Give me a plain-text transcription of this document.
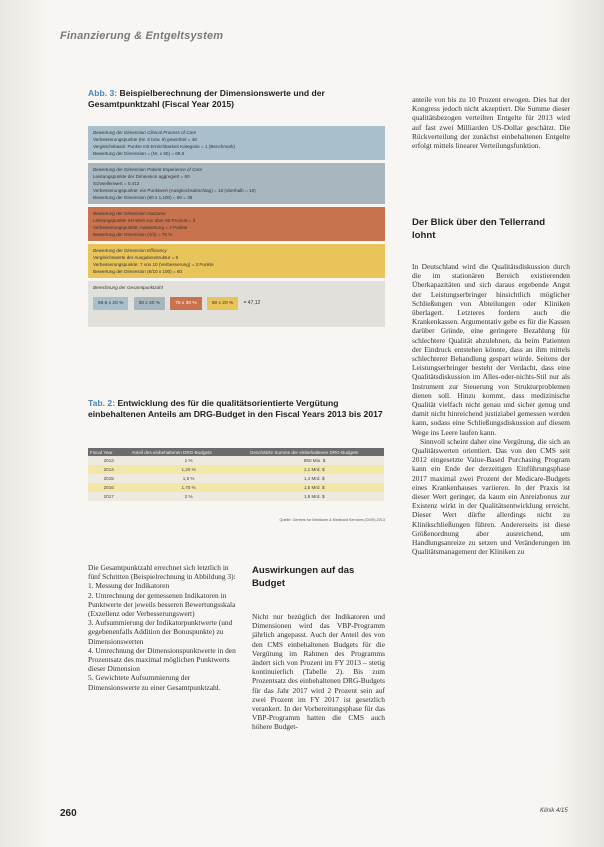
Finanzierung & Entgeltsystem
Abb. 3: Beispielberechnung der Dimensionswerte und der Gesamtpunktzahl (Fiscal Year 2015)
Bewertung der Dimension Clinical Process of Care
Verbesserungspunkte (Nr. 6 bzw. 9) gewichtet = 48
Vergleichsbasis: Punkte mit Erreichbarkeit Kategorie = 1 (Benchmark)
Bewertung der Dimension = (Nr. x 80) = 69,6
Bewertung der Dimension Patient Experience of Care
Leistungspunkte der Dimension aggregiert = 60
Schwellenwert = 0,412
Verbesserungspunkte: ein Punktwert (Ausgleichsabschlag) = 18 (oberhalb = 10)
Bewertung der Dimension (60 x 1,100) = 60 = 38
Bewertung der Dimension Outcome
Leistungspunkte mit Wert von über 80 Prozent = 3
Verbesserungspunkte: Auswertung = 4 Punkte
Bewertung der Dimension (3/4) = 75 %
Bewertung der Dimension Efficiency
Vergleichswerte der Ausgabenstruktur = 6
Verbesserungspunkte: 7 von 10 (Verbesserung) = 3 Punkte
Bewertung der Dimension (6/10 x 100) = 60
Berechnung der Gesamtpunktzahl
69,6 x 20 %	38 x 30 %	75 x 30 %	60 x 20 % = 47,12
Tab. 2: Entwicklung des für die qualitätsorientierte Vergütung einbehaltenen Anteils am DRG-Budget in den Fiscal Years 2013 bis 2017
Fiscal Year	Anteil des einbehaltenen DRG-Budgets	Geschätzte Summe der einbehaltenen DRG-Budgets
2013	1 %	850 Mio. $
2014	1,25 %	1,1 Mrd. $
2015	1,5 %	1,4 Mrd. $
2016	1,75 %	1,5 Mrd. $
2017	2 %	1,9 Mrd. $
Quelle: Centers for Medicare & Medicaid Services (CMS) 2013

Die Gesamtpunktzahl errechnet sich letztlich in fünf Schritten (Beispielrechnung in Abbildung 3):

1. Messung der Indikatoren

2. Umrechnung der gemessenen Indikatoren in Punktwerte der jeweils besseren Bewertungsskala (Exzellenz oder Verbesserungswert)

3. Aufsummierung der Indikatorpunktwerte (und gegebenenfalls Addition der Bonuspunkte) zu Dimensionswerten

4. Umrechnung der Dimensionspunktwerte in den Prozentsatz des maximal möglichen Punktwerts dieser Dimension

5. Gewichtete Aufsummierung der Dimensionswerte zu einer Gesamtpunktzahl.

Auswirkungen auf das Budget

Nicht nur bezüglich der Indikatoren und Dimensionen wird das VBP-Programm jährlich angepasst. Auch der Anteil des von den CMS einbehaltenen Budgets für die Vergütung im Rahmen des Programms ändert sich von Prozent im FY 2013 – stetig kontinuierlich (Tabelle 2). Bis zum Prozentsatz des einbehaltenen DRG-Budgets für das Jahr 2017 wird 2 Prozent sein auf zwei Prozent im FY 2017 ist gesetzlich verankert. In der Vorbereitungsphase für das VBP-Programm hatten die CMS auch höhere Budget-

anteile von bis zu 10 Prozent erwogen. Dies hat der Kongress jedoch nicht akzeptiert. Die Summe dieser qualitätsbezogen verteilten Entgelte für 2013 wird auf fast zwei Milliarden US-Dollar geschätzt. Die Rückverteilung der zunächst einbehaltenen Entgelte erfolgt mittels linearer Verteilungsfunktion.

Der Blick über den Tellerrand lohnt

In Deutschland wird die Qualitätsdiskussion durch die im stationären Bereich existierenden Überkapazitäten und sich daraus ergebende Angst der Leistungserbringer hinsichtlich möglicher Schließungen von Abteilungen oder Kliniken überlagert. Letzteres fordern auch die Krankenkassen. Argumentativ gebe es für die Kassen darüber Gründe, eine geringere Bezahlung für schlechtere Qualität abzulehnen, da beim Patienten der Eindruck entstehen könnte, dass an ihm mittels schlechterer Behandlung gespart würde. Seitens der Leistungserbringer besteht der Verdacht, dass eine Qualitätsdiskussion im Alles-oder-nichts-Stil nur als Instrument zur Steuerung von Strukturproblemen dienen soll. Hinzu kommt, dass medizinische Qualität vielfach nicht genau und sicher genug und damit nicht hinreichend justiziabel gemessen werden kann, sodass eine Schließungsdiskussion auf diesem Wege ins Leere laufen kann.

Sinnvoll scheint daher eine Vergütung, die sich an Qualitätswerten orientiert. Das von den CMS seit 2012 eingesetzte Value-Based Purchasing Program kann ein Ende der derzeitigen Einführungsphase 2017 maximal zwei Prozent der Medicare-Budgets eines Krankenhauses variieren. In der Praxis ist dieser Wert geringer, da kaum ein Anreizbonus zur Existenz wirkt in der Qualitätsentwicklung erreicht. Dieser Wert dürfte allerdings nicht zu Klinikschließungen führen. Andererseits ist diese Größenordnung aber ausreichend, um Handlungsanreize zu setzen und Veränderungen im Qualitätsmanagement der Kliniken zu

260	Klinik 4/15
